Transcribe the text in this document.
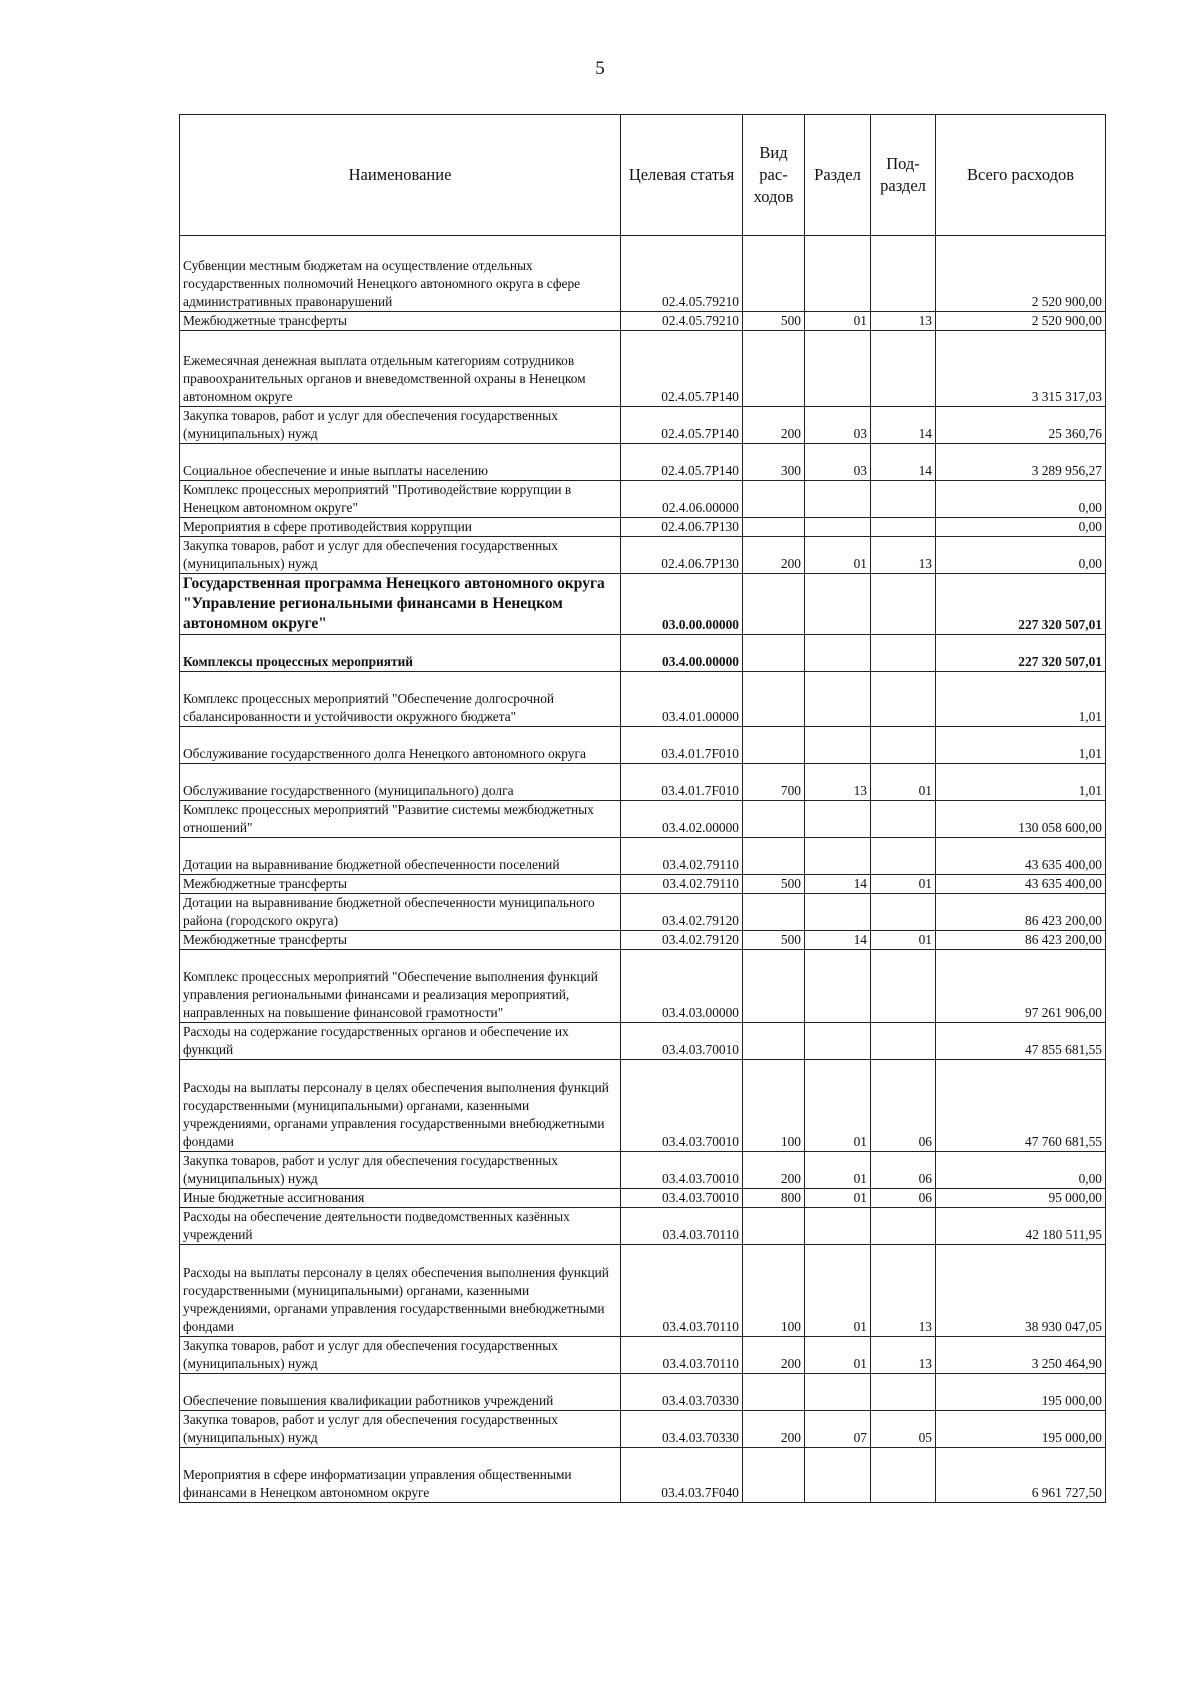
5
Наименование	Целевая статья	Вид рас-ходов	Раздел	Под-раздел	Всего расходов
Субвенции местным бюджетам на осуществление отдельных государственных полномочий Ненецкого автономного округа в сфере административных правонарушений	02.4.05.79210				2 520 900,00
Межбюджетные трансферты	02.4.05.79210	500	01	13	2 520 900,00
Ежемесячная денежная выплата отдельным категориям сотрудников правоохранительных органов и вневедомственной охраны в Ненецком автономном округе	02.4.05.7Р140				3 315 317,03
Закупка товаров, работ и услуг для обеспечения государственных (муниципальных) нужд	02.4.05.7Р140	200	03	14	25 360,76
Социальное обеспечение и иные выплаты населению	02.4.05.7Р140	300	03	14	3 289 956,27
Комплекс процессных мероприятий "Противодействие коррупции в Ненецком автономном округе"	02.4.06.00000				0,00
Мероприятия в сфере противодействия коррупции	02.4.06.7Р130				0,00
Закупка товаров, работ и услуг для обеспечения государственных (муниципальных) нужд	02.4.06.7Р130	200	01	13	0,00
Государственная программа Ненецкого автономного округа "Управление региональными финансами в Ненецком автономном округе"	03.0.00.00000				227 320 507,01
Комплексы процессных мероприятий	03.4.00.00000				227 320 507,01
Комплекс процессных мероприятий "Обеспечение долгосрочной сбалансированности и устойчивости окружного бюджета"	03.4.01.00000				1,01
Обслуживание государственного долга Ненецкого автономного округа	03.4.01.7F010				1,01
Обслуживание государственного (муниципального) долга	03.4.01.7F010	700	13	01	1,01
Комплекс процессных мероприятий "Развитие системы межбюджетных отношений"	03.4.02.00000				130 058 600,00
Дотации на выравнивание бюджетной обеспеченности поселений	03.4.02.79110				43 635 400,00
Межбюджетные трансферты	03.4.02.79110	500	14	01	43 635 400,00
Дотации на выравнивание бюджетной обеспеченности муниципального района (городского округа)	03.4.02.79120				86 423 200,00
Межбюджетные трансферты	03.4.02.79120	500	14	01	86 423 200,00
Комплекс процессных мероприятий "Обеспечение выполнения функций управления региональными финансами и реализация мероприятий, направленных на повышение финансовой грамотности"	03.4.03.00000				97 261 906,00
Расходы на содержание государственных органов и обеспечение их функций	03.4.03.70010				47 855 681,55
Расходы на выплаты персоналу в целях обеспечения выполнения функций государственными (муниципальными) органами, казенными учреждениями, органами управления государственными внебюджетными фондами	03.4.03.70010	100	01	06	47 760 681,55
Закупка товаров, работ и услуг для обеспечения государственных (муниципальных) нужд	03.4.03.70010	200	01	06	0,00
Иные бюджетные ассигнования	03.4.03.70010	800	01	06	95 000,00
Расходы на обеспечение деятельности подведомственных казённых учреждений	03.4.03.70110				42 180 511,95
Расходы на выплаты персоналу в целях обеспечения выполнения функций государственными (муниципальными) органами, казенными учреждениями, органами управления государственными внебюджетными фондами	03.4.03.70110	100	01	13	38 930 047,05
Закупка товаров, работ и услуг для обеспечения государственных (муниципальных) нужд	03.4.03.70110	200	01	13	3 250 464,90
Обеспечение повышения квалификации работников учреждений	03.4.03.70330				195 000,00
Закупка товаров, работ и услуг для обеспечения государственных (муниципальных) нужд	03.4.03.70330	200	07	05	195 000,00
Мероприятия в сфере информатизации управления общественными финансами в Ненецком автономном округе	03.4.03.7F040				6 961 727,50
